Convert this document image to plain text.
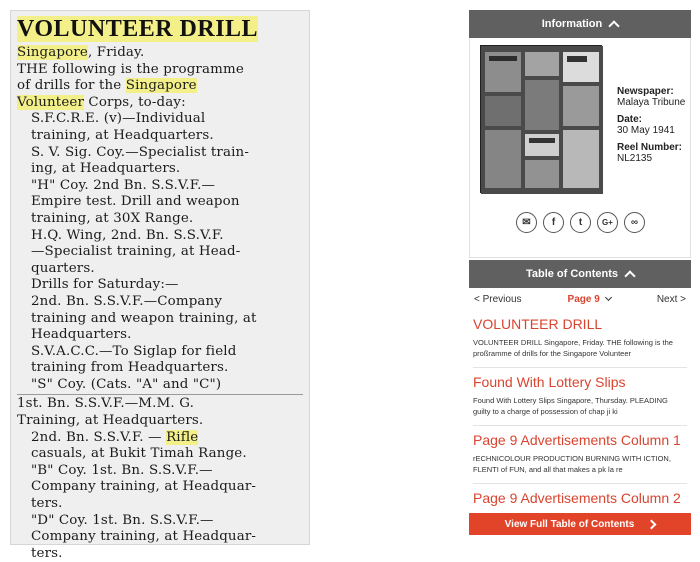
VOLUNTEER DRILL
Singapore, Friday.
THE following is the programme
of drills for the Singapore
Volunteer Corps, to-day:
S.F.C.R.E. (v)—Individual
training, at Headquarters.
S. V. Sig. Coy.—Specialist train-
ing, at Headquarters.
"H" Coy. 2nd Bn. S.S.V.F.—
Empire test. Drill and weapon
training, at 30X Range.
H.Q. Wing, 2nd. Bn. S.S.V.F.
—Specialist training, at Head-
quarters.
Drills for Saturday:—
2nd. Bn. S.S.V.F.—Company
training and weapon training, at
Headquarters.
S.V.A.C.C.—To Siglap for field
training from Headquarters.
"S" Coy. (Cats. "A" and "C")
1st. Bn. S.S.V.F.—M.M. G.
Training, at Headquarters.
2nd. Bn. S.S.V.F. — Rifle
casuals, at Bukit Timah Range.
"B" Coy. 1st. Bn. S.S.V.F.—
Company training, at Headquar-
ters.
"D" Coy. 1st. Bn. S.S.V.F.—
Company training, at Headquar-
ters.
Information
Newspaper:
Malaya Tribune
Date:
30 May 1941
Reel Number:
NL2135
✉	f	t	G+	∞
Table of Contents
< Previous	Page 9	Next >
VOLUNTEER DRILL
VOLUNTEER DRILL Singapore, Friday. THE following is the proßramme of drills for the Singapore Volunteer
Found With Lottery Slips
Found With Lottery Slips Singapore, Thursday. PLEADING guilty to a charge of possession of chap ji ki
Page 9 Advertisements Column 1
rECHNICOLOUR PRODUCTION BURNING WITH ICTION, FLENTI of FUN, and all that makes a pk la re
Page 9 Advertisements Column 2
View Full Table of Contents
